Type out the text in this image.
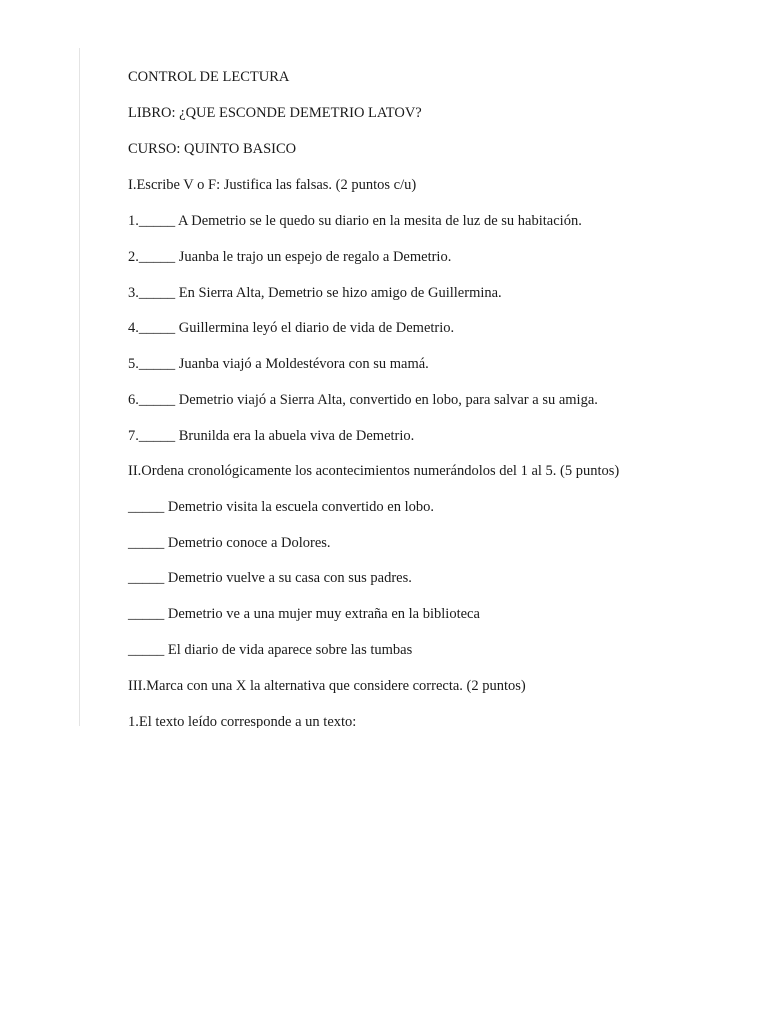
CONTROL DE LECTURA

LIBRO: ¿QUE ESCONDE DEMETRIO LATOV?

CURSO: QUINTO BASICO

I.Escribe V o F: Justifica las falsas. (2 puntos c/u)

1._____ A Demetrio se le quedo su diario en la mesita de luz de su habitación.

2._____ Juanba le trajo un espejo de regalo a Demetrio.

3._____ En Sierra Alta, Demetrio se hizo amigo de Guillermina.

4._____ Guillermina leyó el diario de vida de Demetrio.

5._____ Juanba viajó a Moldestévora con su mamá.

6._____ Demetrio viajó a Sierra Alta, convertido en lobo, para salvar a su amiga.

7._____ Brunilda era la abuela viva de Demetrio.

II.Ordena cronológicamente los acontecimientos numerándolos del 1 al 5. (5 puntos)

_____ Demetrio visita la escuela convertido en lobo.

_____ Demetrio conoce a Dolores.

_____ Demetrio vuelve a su casa con sus padres.

_____ Demetrio ve a una mujer muy extraña en la biblioteca

_____ El diario de vida aparece sobre las tumbas

III.Marca con una X la alternativa que considere correcta. (2 puntos)

1.El texto leído corresponde a un texto:
